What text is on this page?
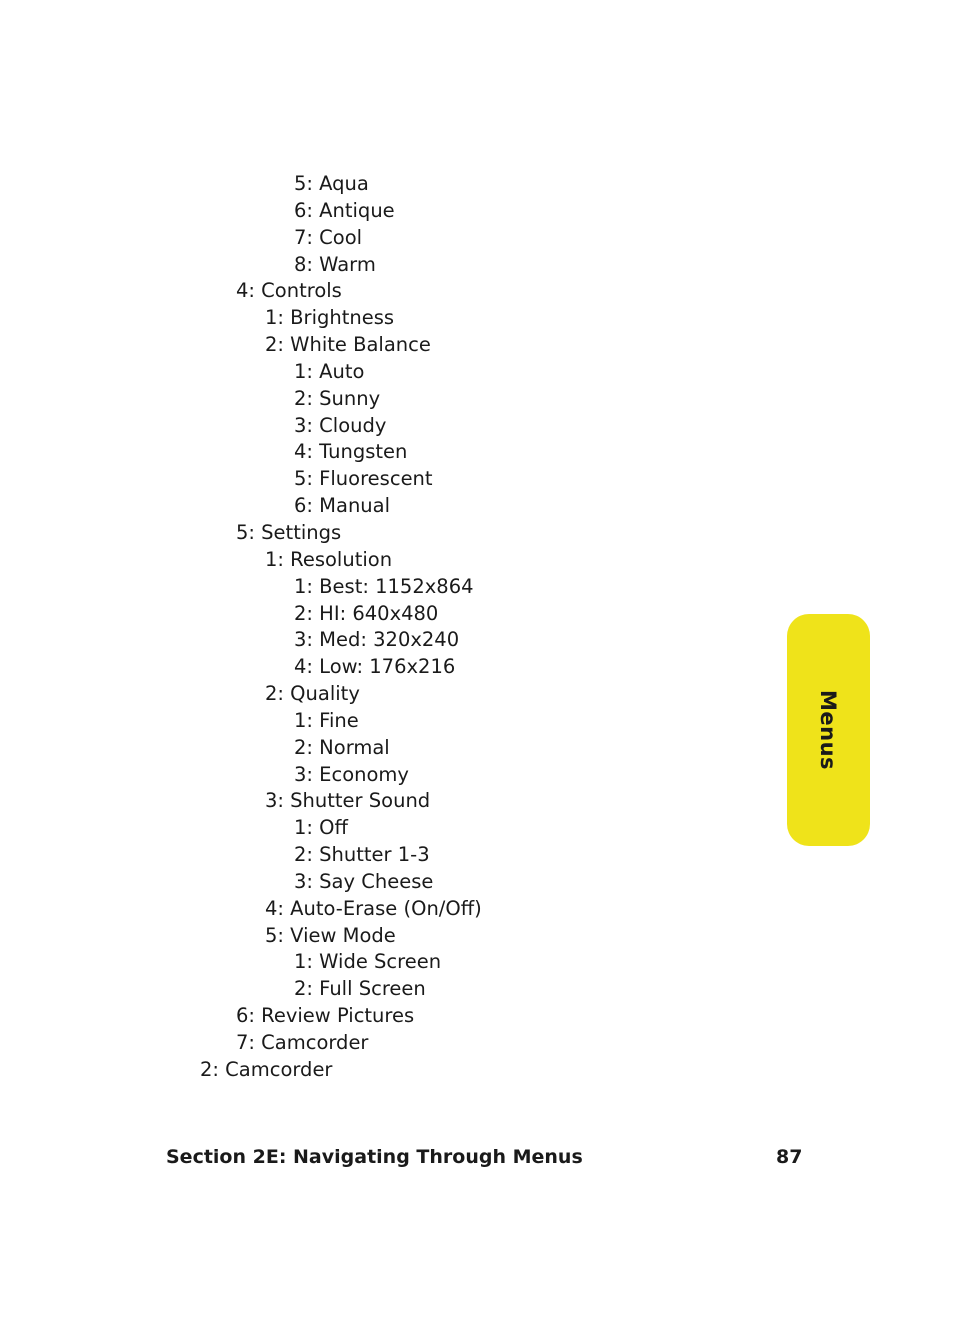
5: Aqua
6: Antique
7: Cool
8: Warm
4: Controls
1: Brightness
2: White Balance
1: Auto
2: Sunny
3: Cloudy
4: Tungsten
5: Fluorescent
6: Manual
5: Settings
1: Resolution
1: Best: 1152x864
2: HI: 640x480
3: Med: 320x240
4: Low: 176x216
2: Quality
1: Fine
2: Normal
3: Economy
3: Shutter Sound
1: Off
2: Shutter 1-3
3: Say Cheese
4: Auto-Erase (On/Off)
5: View Mode
1: Wide Screen
2: Full Screen
6: Review Pictures
7: Camcorder
2: Camcorder
Menus
Section 2E: Navigating Through Menus	87
